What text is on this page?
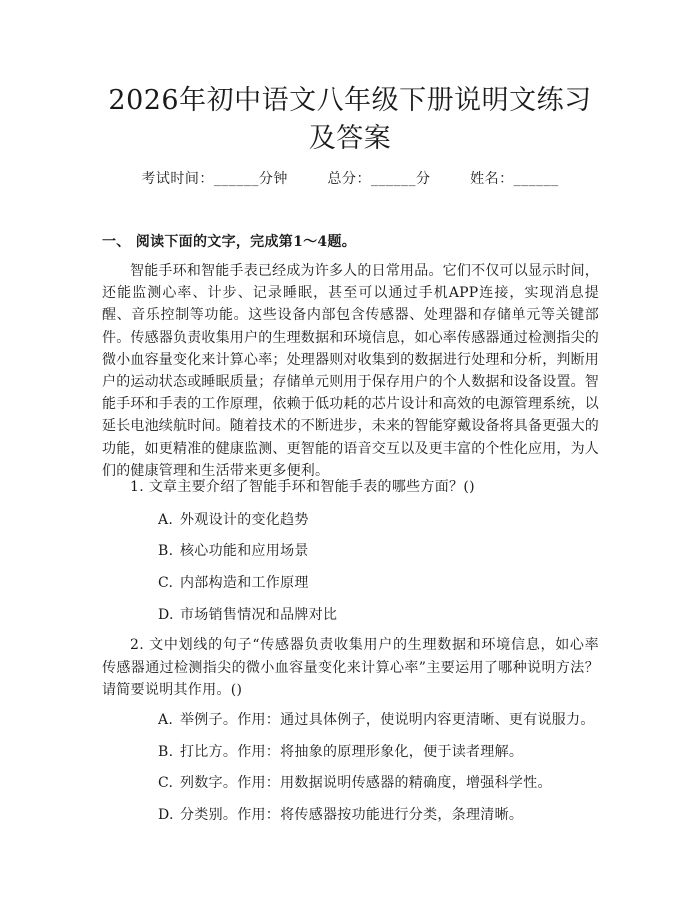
2026年初中语文八年级下册说明文练习及答案
考试时间：______分钟	总分：______分	姓名：______
一、 阅读下面的文字，完成第1～4题。
智能手环和智能手表已经成为许多人的日常用品。它们不仅可以显示时间，还能监测心率、计步、记录睡眠，甚至可以通过手机APP连接，实现消息提醒、音乐控制等功能。这些设备内部包含传感器、处理器和存储单元等关键部件。传感器负责收集用户的生理数据和环境信息，如心率传感器通过检测指尖的微小血容量变化来计算心率；处理器则对收集到的数据进行处理和分析，判断用户的运动状态或睡眠质量；存储单元则用于保存用户的个人数据和设备设置。智能手环和手表的工作原理，依赖于低功耗的芯片设计和高效的电源管理系统，以延长电池续航时间。随着技术的不断进步，未来的智能穿戴设备将具备更强大的功能，如更精准的健康监测、更智能的语音交互以及更丰富的个性化应用，为人们的健康管理和生活带来更多便利。
1. 文章主要介绍了智能手环和智能手表的哪些方面？()
A. 外观设计的变化趋势
B. 核心功能和应用场景
C. 内部构造和工作原理
D. 市场销售情况和品牌对比
2. 文中划线的句子“传感器负责收集用户的生理数据和环境信息，如心率传感器通过检测指尖的微小血容量变化来计算心率”主要运用了哪种说明方法？请简要说明其作用。()
A. 举例子。作用：通过具体例子，使说明内容更清晰、更有说服力。
B. 打比方。作用：将抽象的原理形象化，便于读者理解。
C. 列数字。作用：用数据说明传感器的精确度，增强科学性。
D. 分类别。作用：将传感器按功能进行分类，条理清晰。
